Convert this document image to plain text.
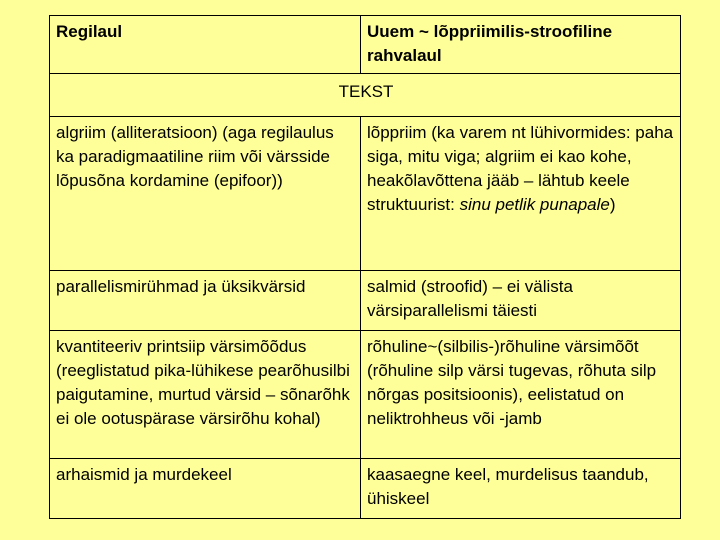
Regilaul	Uuem ~ lõppriimilis-stroofiline rahvalaul
TEKST	
algriim (alliteratsioon) (aga regilaulus ka paradigmaatiline riim või värsside lõpusõna kordamine (epifoor))	lõppriim (ka varem nt lühivormides: paha siga, mitu viga; algriim ei kao kohe, heakõlavõttena jääb – lähtub keele struktuurist: sinu petlik punapale)
parallelismirühmad ja üksikvärsid	salmid (stroofid) – ei välista värsiparallelismi täiesti
kvantiteeriv printsiip värsimõõdus (reeglistatud pika-lühikese pearõhusilbi paigutamine, murtud värsid – sõnarõhk ei ole ootuspärase värsirõhu kohal)	rõhuline~(silbilis-)rõhuline värsimõõt (rõhuline silp värsi tugevas, rõhuta silp nõrgas positsioonis), eelistatud on neliktrohheus või -jamb
arhaismid ja murdekeel	kaasaegne keel, murdelisus taandub, ühiskeel
